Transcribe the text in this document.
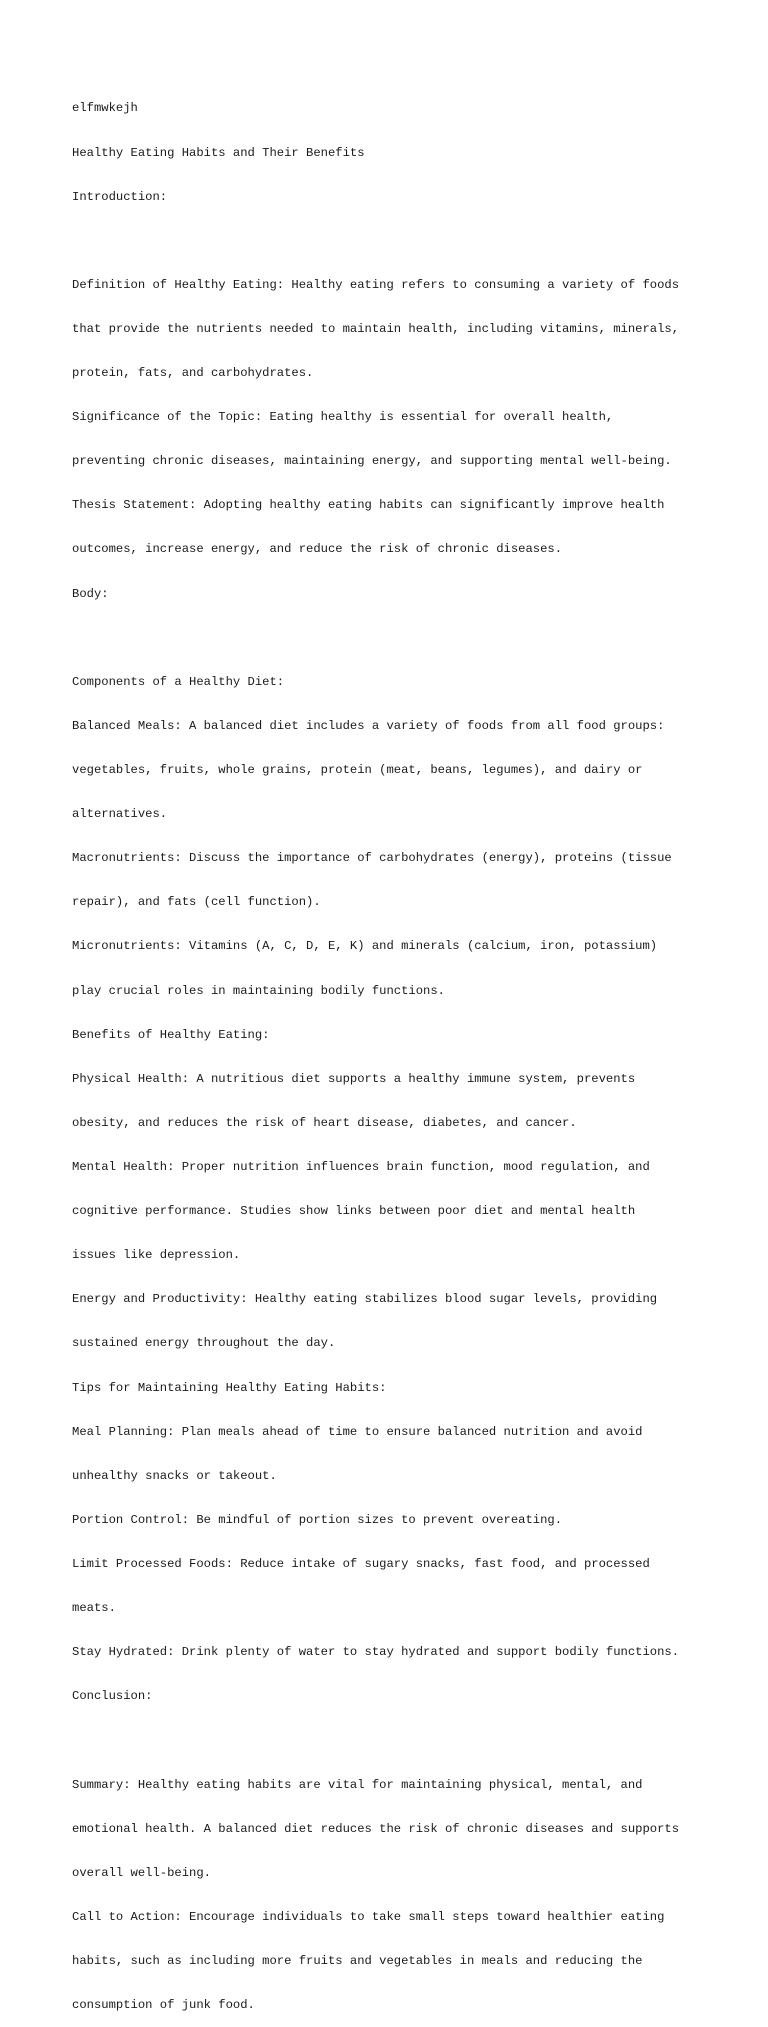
elfmwkejh

Healthy Eating Habits and Their Benefits

Introduction:

Definition of Healthy Eating: Healthy eating refers to consuming a variety of foods

that provide the nutrients needed to maintain health, including vitamins, minerals,

protein, fats, and carbohydrates.

Significance of the Topic: Eating healthy is essential for overall health,

preventing chronic diseases, maintaining energy, and supporting mental well-being.

Thesis Statement: Adopting healthy eating habits can significantly improve health

outcomes, increase energy, and reduce the risk of chronic diseases.

Body:

Components of a Healthy Diet:

Balanced Meals: A balanced diet includes a variety of foods from all food groups:

vegetables, fruits, whole grains, protein (meat, beans, legumes), and dairy or

alternatives.

Macronutrients: Discuss the importance of carbohydrates (energy), proteins (tissue

repair), and fats (cell function).

Micronutrients: Vitamins (A, C, D, E, K) and minerals (calcium, iron, potassium)

play crucial roles in maintaining bodily functions.

Benefits of Healthy Eating:

Physical Health: A nutritious diet supports a healthy immune system, prevents

obesity, and reduces the risk of heart disease, diabetes, and cancer.

Mental Health: Proper nutrition influences brain function, mood regulation, and

cognitive performance. Studies show links between poor diet and mental health

issues like depression.

Energy and Productivity: Healthy eating stabilizes blood sugar levels, providing

sustained energy throughout the day.

Tips for Maintaining Healthy Eating Habits:

Meal Planning: Plan meals ahead of time to ensure balanced nutrition and avoid

unhealthy snacks or takeout.

Portion Control: Be mindful of portion sizes to prevent overeating.

Limit Processed Foods: Reduce intake of sugary snacks, fast food, and processed

meats.

Stay Hydrated: Drink plenty of water to stay hydrated and support bodily functions.

Conclusion:

Summary: Healthy eating habits are vital for maintaining physical, mental, and

emotional health. A balanced diet reduces the risk of chronic diseases and supports

overall well-being.

Call to Action: Encourage individuals to take small steps toward healthier eating

habits, such as including more fruits and vegetables in meals and reducing the

consumption of junk food.
